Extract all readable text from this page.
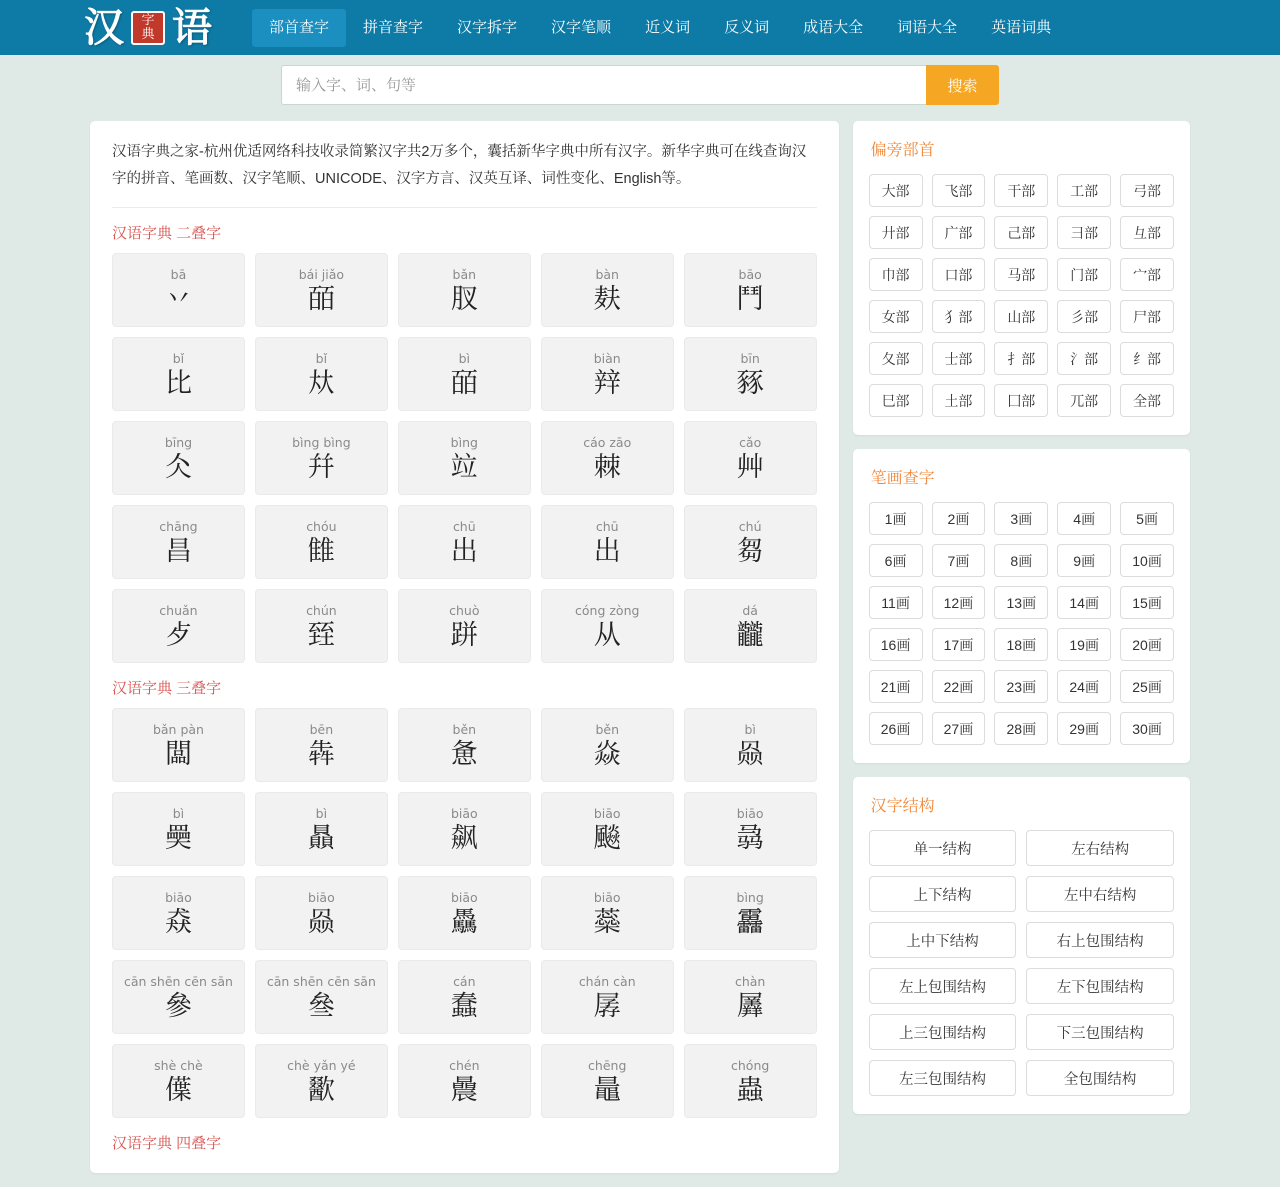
汉 字
典 语	部首查字	拼音查字	汉字拆字	汉字笔顺	近义词	反义词	成语大全	词语大全	英语词典
输入字、词、句等
搜索
汉语字典之家-杭州优适网络科技收录简繁汉字共2万多个，囊括新华字典中所有汉字。新华字典可在线查询汉字的拼音、笔画数、汉字笔顺、UNICODE、汉字方言、汉英互译、词性变化、English等。
汉语字典 二叠字
bā
丷
bái jiǎo
皕
bǎn
肞
bàn
麸
bāo
鬥
bǐ
比
bǐ
夶
bì
皕
biàn
辡
bīn
豩
bīng
仌
bìng bìng
幷
bìng
竝
cáo zāo
棘
cǎo
艸
chāng
昌
chóu
雔
chū
出
chū
出
chú
芻
chuǎn
歺
chún
臸
chuò
跰
cóng zòng
从
dá
龖
汉语字典 三叠字
bǎn pàn
闆
bēn
犇
běn
惫
běn
焱
bì
赑
bì
奰
bì
贔
biāo
飙
biāo
飈
biāo
骉
biāo
猋
biāo
赑
biāo
驫
biāo
蘂
bìng
靐
cān shēn cēn sān
參
cān shēn cēn sān
叄
cán
蠢
chán càn
孱
chàn
羼
shè chè
僷
chè yǎn yé
歠
chén
曟
chēng
鼂
chóng
蟲
汉语字典 四叠字
偏旁部首
大部	飞部	干部	工部	弓部
廾部	广部	己部	彐部	彑部
巾部	口部	马部	门部	宀部
女部	犭部	山部	彡部	尸部
夂部	士部	扌部	氵部	纟部
巳部	土部	囗部	兀部	全部
笔画查字
1画	2画	3画	4画	5画
6画	7画	8画	9画	10画
11画	12画	13画	14画	15画
16画	17画	18画	19画	20画
21画	22画	23画	24画	25画
26画	27画	28画	29画	30画
汉字结构
单一结构	左右结构
上下结构	左中右结构
上中下结构	右上包围结构
左上包围结构	左下包围结构
上三包围结构	下三包围结构
左三包围结构	全包围结构
